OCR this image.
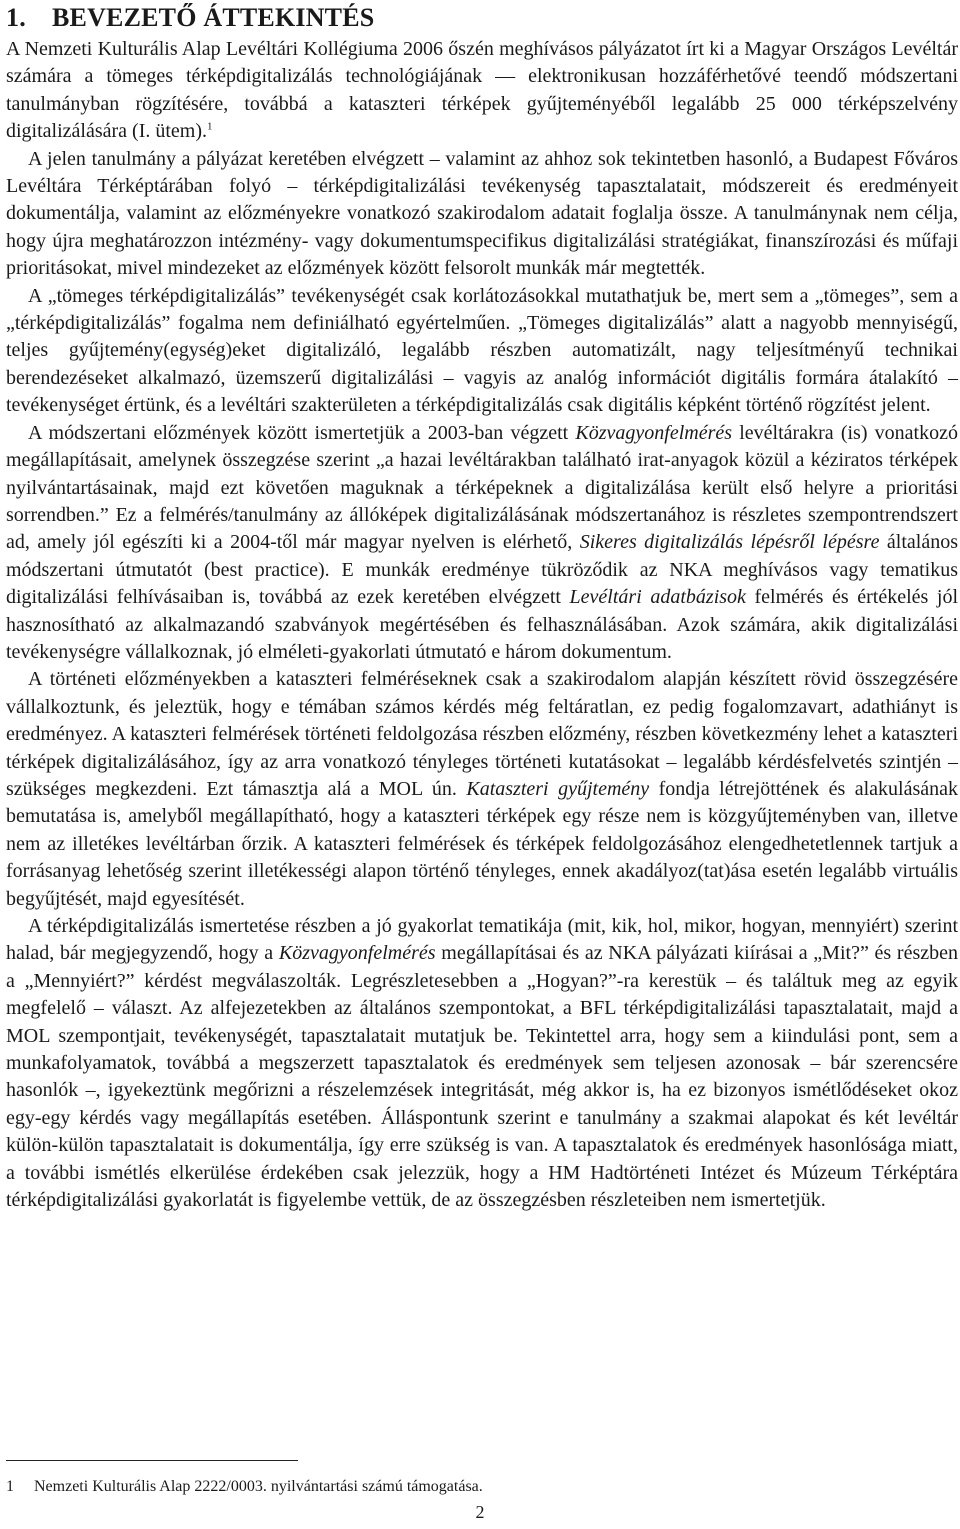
1. BEVEZETŐ ÁTTEKINTÉS

A Nemzeti Kulturális Alap Levéltári Kollégiuma 2006 őszén meghívásos pályázatot írt ki a Magyar Országos Levéltár számára a tömeges térképdigitalizálás technológiájának — elektronikusan hozzáférhetővé teendő módszertani tanulmányban rögzítésére, továbbá a kataszteri térképek gyűjteményéből legalább 25 000 térképszelvény digitalizálására (I. ütem).$^1$

A jelen tanulmány a pályázat keretében elvégzett – valamint az ahhoz sok tekintetben hasonló, a Budapest Főváros Levéltára Térképtárában folyó – térképdigitalizálási tevékenység tapasztalatait, módszereit és eredményeit dokumentálja, valamint az előzményekre vonatkozó szakirodalom adatait foglalja össze. A tanulmánynak nem célja, hogy újra meghatározzon intézmény- vagy dokumentumspecifikus digitalizálási stratégiákat, finanszírozási és műfaji prioritásokat, mivel mindezeket az előzmények között felsorolt munkák már megtették.

A „tömeges térképdigitalizálás” tevékenységét csak korlátozásokkal mutathatjuk be, mert sem a „tömeges”, sem a „térképdigitalizálás” fogalma nem definiálható egyértelműen. „Tömeges digitalizálás” alatt a nagyobb mennyiségű, teljes gyűjtemény(egység)eket digitalizáló, legalább részben automatizált, nagy teljesítményű technikai berendezéseket alkalmazó, üzemszerű digitalizálási – vagyis az analóg információt digitális formára átalakító – tevékenységet értünk, és a levéltári szakterületen a térképdigitalizálás csak digitális képként történő rögzítést jelent.

A módszertani előzmények között ismertetjük a 2003-ban végzett Közvagyonfelmérés levéltárakra (is) vonatkozó megállapításait, amelynek összegzése szerint „a hazai levéltárakban található irat-anyagok közül a kéziratos térképek nyilvántartásainak, majd ezt követően maguknak a térképeknek a digitalizálása került első helyre a prioritási sorrendben.” Ez a felmérés/tanulmány az állóképek digitalizálásának módszertanához is részletes szempontrendszert ad, amely jól egészíti ki a 2004-től már magyar nyelven is elérhető, Sikeres digitalizálás lépésről lépésre általános módszertani útmutatót (best practice). E munkák eredménye tükröződik az NKA meghívásos vagy tematikus digitalizálási felhívásaiban is, továbbá az ezek keretében elvégzett Levéltári adatbázisok felmérés és értékelés jól hasznosítható az alkalmazandó szabványok megértésében és felhasználásában. Azok számára, akik digitalizálási tevékenységre vállalkoznak, jó elméleti-gyakorlati útmutató e három dokumentum.

A történeti előzményekben a kataszteri felméréseknek csak a szakirodalom alapján készített rövid összegzésére vállalkoztunk, és jeleztük, hogy e témában számos kérdés még feltáratlan, ez pedig fogalomzavart, adathiányt is eredményez. A kataszteri felmérések történeti feldolgozása részben előzmény, részben következmény lehet a kataszteri térképek digitalizálásához, így az arra vonatkozó tényleges történeti kutatásokat – legalább kérdésfelvetés szintjén – szükséges megkezdeni. Ezt támasztja alá a MOL ún. Kataszteri gyűjtemény fondja létrejöttének és alakulásának bemutatása is, amelyből megállapítható, hogy a kataszteri térképek egy része nem is közgyűjteményben van, illetve nem az illetékes levéltárban őrzik. A kataszteri felmérések és térképek feldolgozásához elengedhetetlennek tartjuk a forrásanyag lehetőség szerint illetékességi alapon történő tényleges, ennek akadályoz(tat)ása esetén legalább virtuális begyűjtését, majd egyesítését.

A térképdigitalizálás ismertetése részben a jó gyakorlat tematikája (mit, kik, hol, mikor, hogyan, mennyiért) szerint halad, bár megjegyzendő, hogy a Közvagyonfelmérés megállapításai és az NKA pályázati kiírásai a „Mit?” és részben a „Mennyiért?” kérdést megválaszolták. Legrészletesebben a „Hogyan?”-ra kerestük – és találtuk meg az egyik megfelelő – választ. Az alfejezetekben az általános szempontokat, a BFL térképdigitalizálási tapasztalatait, majd a MOL szempontjait, tevékenységét, tapasztalatait mutatjuk be. Tekintettel arra, hogy sem a kiindulási pont, sem a munkafolyamatok, továbbá a megszerzett tapasztalatok és eredmények sem teljesen azonosak – bár szerencsére hasonlók –, igyekeztünk megőrizni a részelemzések integritását, még akkor is, ha ez bizonyos ismétlődéseket okoz egy-egy kérdés vagy megállapítás esetében. Álláspontunk szerint e tanulmány a szakmai alapokat és két levéltár külön-külön tapasztalatait is dokumentálja, így erre szükség is van. A tapasztalatok és eredmények hasonlósága miatt, a további ismétlés elkerülése érdekében csak jelezzük, hogy a HM Hadtörténeti Intézet és Múzeum Térképtára térképdigitalizálási gyakorlatát is figyelembe vettük, de az összegzésben részleteiben nem ismertetjük.

1 Nemzeti Kulturális Alap 2222/0003. nyilvántartási számú támogatása.
2
